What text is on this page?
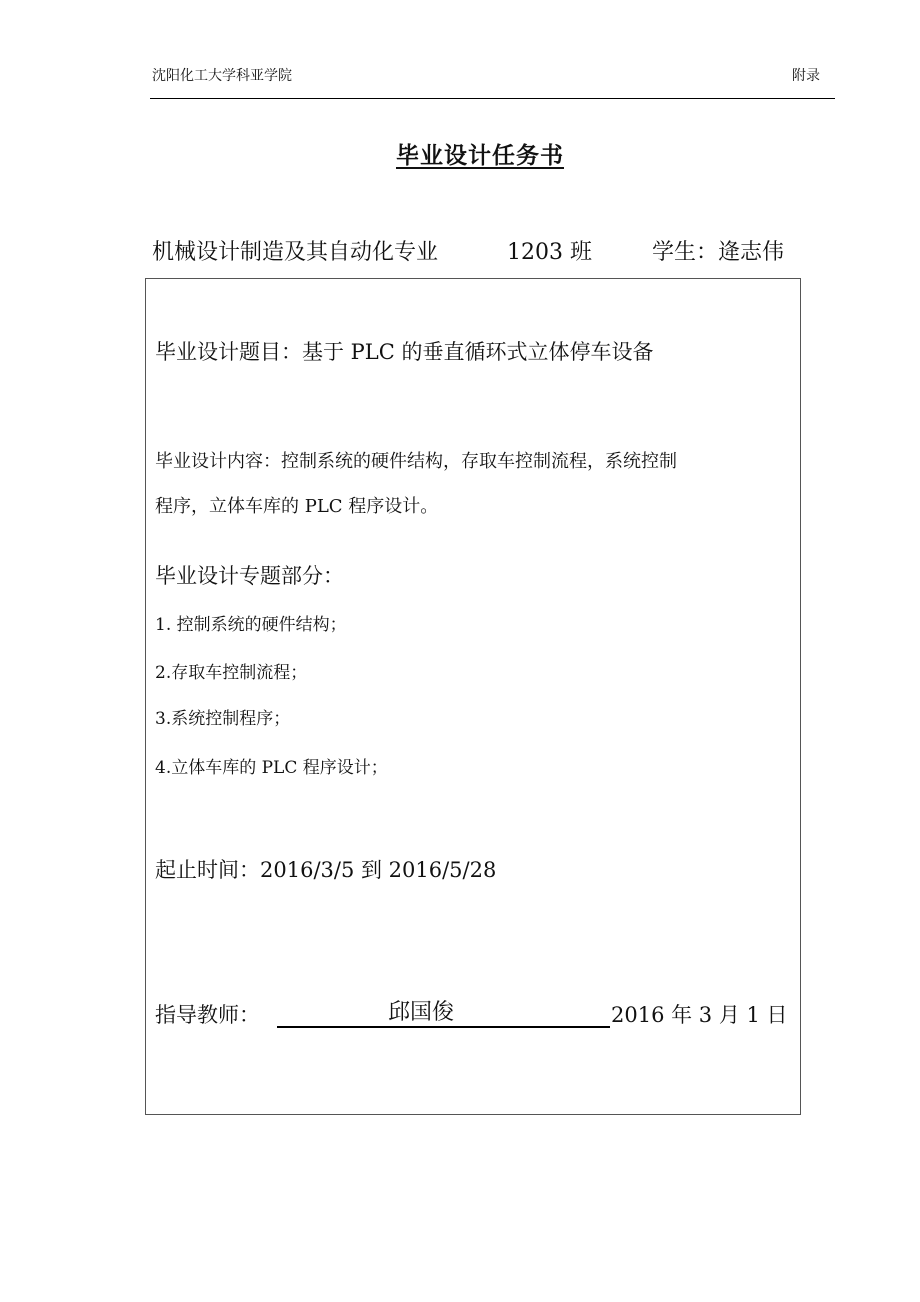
沈阳化工大学科亚学院	附录
毕业设计任务书
机械设计制造及其自动化专业	1203 班	学生：逄志伟
毕业设计题目：基于 PLC 的垂直循环式立体停车设备
毕业设计内容：控制系统的硬件结构，存取车控制流程，系统控制
程序，立体车库的 PLC 程序设计。
毕业设计专题部分：
1. 控制系统的硬件结构；
2.存取车控制流程；
3.系统控制程序；
4.立体车库的 PLC 程序设计；
起止时间：2016/3/5 到 2016/5/28
指导教师：	邱国俊	2016 年 3 月 1 日
